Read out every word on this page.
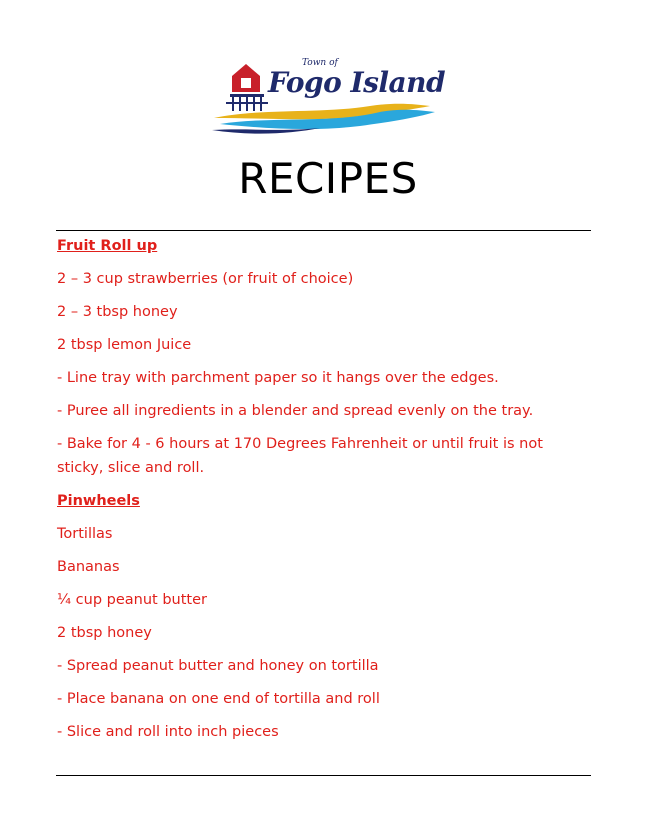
Town of
Fogo Island
RECIPES
Fruit Roll up
2 – 3 cup strawberries (or fruit of choice)
2 – 3 tbsp honey
2 tbsp lemon Juice
- Line tray with parchment paper so it hangs over the edges.
- Puree all ingredients in a blender and spread evenly on the tray.
- Bake for 4 - 6 hours at 170 Degrees Fahrenheit or until fruit is not sticky, slice and roll.
Pinwheels
Tortillas
Bananas
¼ cup peanut butter
2 tbsp honey
- Spread peanut butter and honey on tortilla
- Place banana on one end of tortilla and roll
- Slice and roll into inch pieces
